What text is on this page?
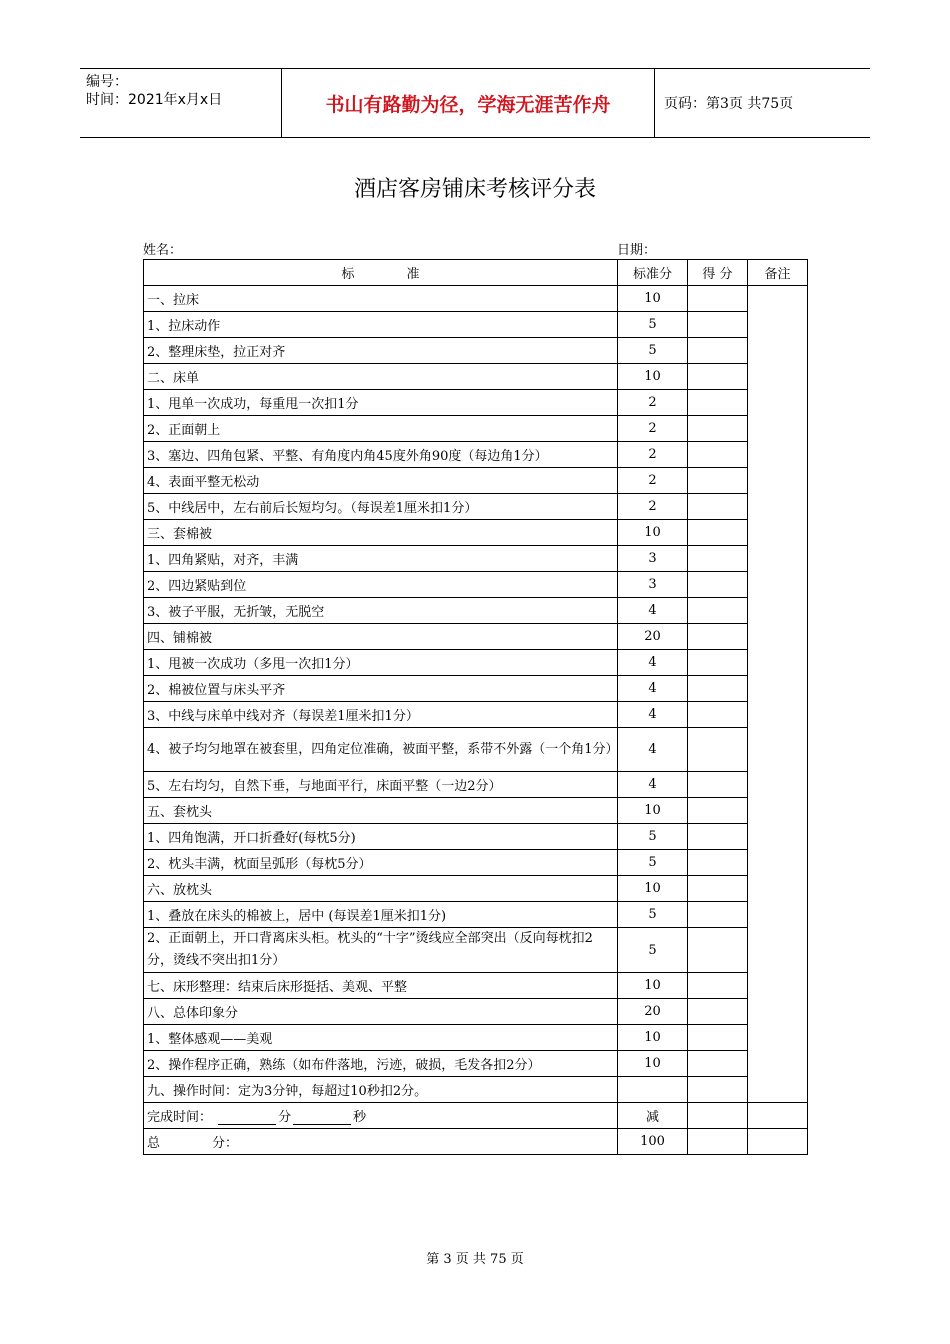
编号：
时间：2021年x月x日	书山有路勤为径，学海无涯苦作舟	页码：第3页 共75页
酒店客房铺床考核评分表
姓名：	日期：
标　　　　准	标准分	得 分	备注
一、拉床	10		
1、拉床动作	5		
2、整理床垫，拉正对齐	5		
二、床单	10		
1、甩单一次成功，每重甩一次扣1分	2		
2、正面朝上	2		
3、塞边、四角包紧、平整、有角度内角45度外角90度（每边角1分）	2		
4、表面平整无松动	2		
5、中线居中，左右前后长短均匀。（每误差1厘米扣1分）	2		
三、套棉被	10		
1、四角紧贴，对齐，丰满	3		
2、四边紧贴到位	3		
3、被子平服，无折皱，无脱空	4		
四、铺棉被	20		
1、甩被一次成功（多甩一次扣1分）	4		
2、棉被位置与床头平齐	4		
3、中线与床单中线对齐（每误差1厘米扣1分）	4		
4、被子均匀地罩在被套里，四角定位准确，被面平整，系带不外露（一个角1分）	4		
5、左右均匀，自然下垂，与地面平行，床面平整（一边2分）	4		
五、套枕头	10		
1、四角饱满，开口折叠好(每枕5分)	5		
2、枕头丰满，枕面呈弧形（每枕5分）	5		
六、放枕头	10		
1、叠放在床头的棉被上，居中 (每误差1厘米扣1分)	5		
2、正面朝上，开口背离床头柜。枕头的“十字”烫线应全部突出（反向每枕扣2分，烫线不突出扣1分）	5		
七、床形整理：结束后床形挺括、美观、平整	10		
八、总体印象分	20		
1、整体感观——美观	10		
2、操作程序正确，熟练（如布件落地，污迹，破损，毛发各扣2分）	10		
九、操作时间：定为3分钟，每超过10秒扣2分。			
完成时间： 分 秒	减		
总　　　　分：	100		
第 3 页 共 75 页
